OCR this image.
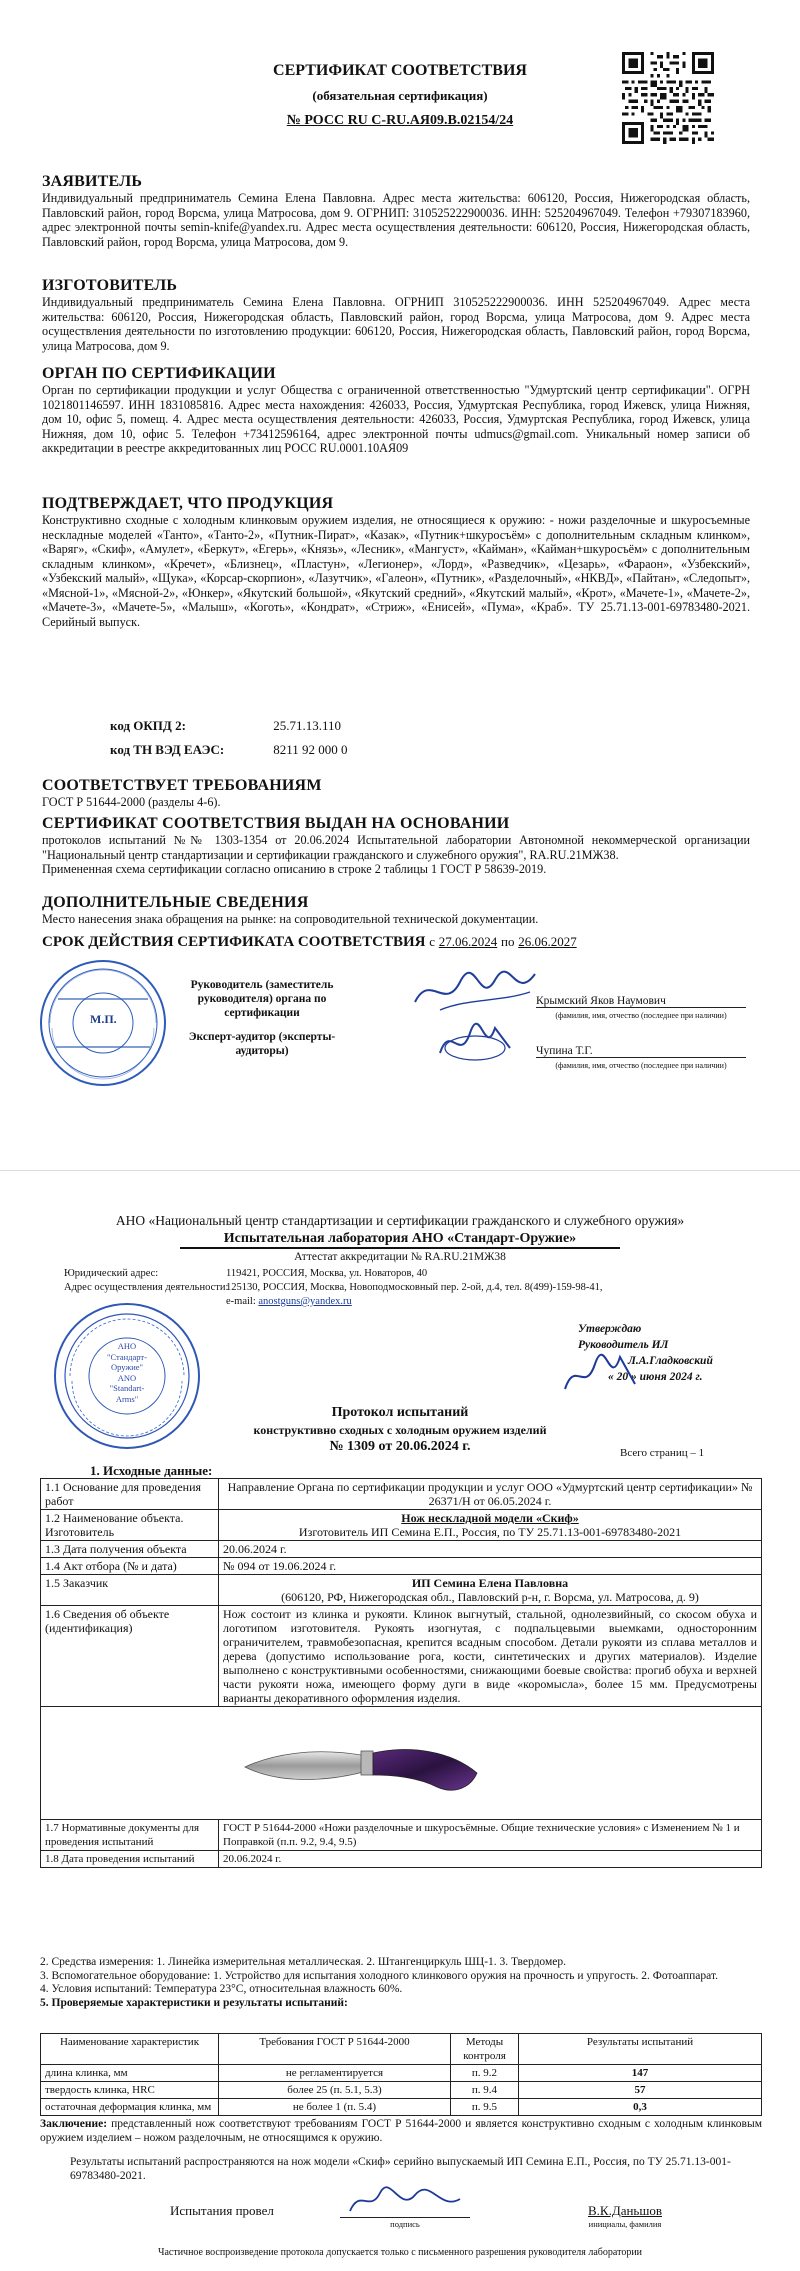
СЕРТИФИКАТ СООТВЕТСТВИЯ
(обязательная сертификация)
№ РОСС RU С-RU.АЯ09.В.02154/24

ЗАЯВИТЕЛЬ

Индивидуальный предприниматель Семина Елена Павловна. Адрес места жительства: 606120, Россия, Нижегородская область, Павловский район, город Ворсма, улица Матросова, дом 9. ОГРНИП: 310525222900036. ИНН: 525204967049. Телефон +79307183960, адрес электронной почты semin-knife@yandex.ru. Адрес места осуществления деятельности: 606120, Россия, Нижегородская область, Павловский район, город Ворсма, улица Матросова, дом 9.

ИЗГОТОВИТЕЛЬ

Индивидуальный предприниматель Семина Елена Павловна. ОГРНИП 310525222900036. ИНН 525204967049. Адрес места жительства: 606120, Россия, Нижегородская область, Павловский район, город Ворсма, улица Матросова, дом 9. Адрес места осуществления деятельности по изготовлению продукции: 606120, Россия, Нижегородская область, Павловский район, город Ворсма, улица Матросова, дом 9.

ОРГАН ПО СЕРТИФИКАЦИИ

Орган по сертификации продукции и услуг Общества с ограниченной ответственностью "Удмуртский центр сертификации". ОГРН 1021801146597. ИНН 1831085816. Адрес места нахождения: 426033, Россия, Удмуртская Республика, город Ижевск, улица Нижняя, дом 10, офис 5, помещ. 4. Адрес места осуществления деятельности: 426033, Россия, Удмуртская Республика, город Ижевск, улица Нижняя, дом 10, офис 5. Телефон +73412596164, адрес электронной почты udmucs@gmail.com. Уникальный номер записи об аккредитации в реестре аккредитованных лиц РОСС RU.0001.10АЯ09

ПОДТВЕРЖДАЕТ, ЧТО ПРОДУКЦИЯ

Конструктивно сходные с холодным клинковым оружием изделия, не относящиеся к оружию: - ножи разделочные и шкуросъемные нескладные моделей «Танто», «Танто-2», «Путник-Пират», «Казак», «Путник+шкуросъём» с дополнительным складным клинком», «Варяг», «Скиф», «Амулет», «Беркут», «Егерь», «Князь», «Лесник», «Мангуст», «Кайман», «Кайман+шкуросъём» с дополнительным складным клинком», «Кречет», «Близнец», «Пластун», «Легионер», «Лорд», «Разведчик», «Цезарь», «Фараон», «Узбекский», «Узбекский малый», «Щука», «Корсар-скорпион», «Лазутчик», «Галеон», «Путник», «Разделочный», «НКВД», «Пайтан», «Следопыт», «Мясной-1», «Мясной-2», «Юнкер», «Якутский большой», «Якутский средний», «Якутский малый», «Крот», «Мачете-1», «Мачете-2», «Мачете-3», «Мачете-5», «Малыш», «Коготь», «Кондрат», «Стриж», «Енисей», «Пума», «Краб». ТУ 25.71.13-001-69783480-2021. Серийный выпуск.

код ОКПД 2:	25.71.13.110
код ТН ВЭД ЕАЭС:	8211 92 000 0

СООТВЕТСТВУЕТ ТРЕБОВАНИЯМ

ГОСТ Р 51644-2000 (разделы 4-6).

СЕРТИФИКАТ СООТВЕТСТВИЯ ВЫДАН НА ОСНОВАНИИ

протоколов испытаний №№ 1303-1354 от 20.06.2024 Испытательной лаборатории Автономной некоммерческой организации "Национальный центр стандартизации и сертификации гражданского и служебного оружия", RA.RU.21МЖ38.

Примененная схема сертификации согласно описанию в строке 2 таблицы 1 ГОСТ Р 58639-2019.

ДОПОЛНИТЕЛЬНЫЕ СВЕДЕНИЯ

Место нанесения знака обращения на рынке: на сопроводительной технической документации.

СРОК ДЕЙСТВИЯ СЕРТИФИКАТА СООТВЕТСТВИЯ с 27.06.2024 по 26.06.2027
М.П.
Руководитель (заместитель руководителя) органа по сертификации
Эксперт-аудитор (эксперты-аудиторы)
Крымский Яков Наумович
(фамилия, имя, отчество (последнее при наличии)
Чупина Т.Г.
(фамилия, имя, отчество (последнее при наличии)
АНО «Национальный центр стандартизации и сертификации гражданского и служебного оружия»
Испытательная лаборатория АНО «Стандарт-Оружие»
Аттестат аккредитации № RA.RU.21МЖ38
Юридический адрес:	119421, РОССИЯ, Москва, ул. Новаторов, 40
Адрес осуществления деятельности:
125130, РОССИЯ, Москва, Новоподмосковный пер. 2-ой, д.4, тел. 8(499)-159-98-41,
e-mail: anostguns@yandex.ru
АНО
"Стандарт-
Оружие"
ANO
"Standart-
Arms"
Утверждаю
Руководитель ИЛ
Л.А.Гладковский
« 20 » июня 2024 г.
Протокол испытаний
конструктивно сходных с холодным оружием изделий
№ 1309 от 20.06.2024 г.	Всего страниц – 1
1. Исходные данные:
1.1 Основание для проведения работ	Направление Органа по сертификации продукции и услуг ООО «Удмуртский центр сертификации» № 26371/Н от 06.05.2024 г.
1.2 Наименование объекта. Изготовитель	Нож нескладной модели «Скиф»
Изготовитель ИП Семина Е.П., Россия, по ТУ 25.71.13-001-69783480-2021

1.3 Дата получения объекта	20.06.2024 г.
1.4 Акт отбора (№ и дата)	№ 094 от 19.06.2024 г.
1.5 Заказчик	ИП Семина Елена Павловна
(606120, РФ, Нижегородская обл., Павловский р-н, г. Ворсма, ул. Матросова, д. 9)

1.6 Сведения об объекте (идентификация)	Нож состоит из клинка и рукояти. Клинок выгнутый, стальной, однолезвийный, со скосом обуха и логотипом изготовителя. Рукоять изогнутая, с подпальцевыми выемками, односторонним ограничителем, травмобезопасная, крепится всадным способом. Детали рукояти из сплава металлов и дерева (допустимо использование рога, кости, синтетических и других материалов). Изделие выполнено с конструктивными особенностями, снижающими боевые свойства: прогиб обуха и верхней части рукояти ножа, имеющего форму дуги в виде «коромысла», более 15 мм. Предусмотрены варианты декоративного оформления изделия.

1.7 Нормативные документы для проведения испытаний	ГОСТ Р 51644-2000 «Ножи разделочные и шкуросъёмные. Общие технические условия» с Изменением № 1 и Поправкой (п.п. 9.2, 9.4, 9.5)
1.8 Дата проведения испытаний	20.06.2024 г.
2. Средства измерения: 1. Линейка измерительная металлическая. 2. Штангенциркуль ШЦ-1. 3. Твердомер.
3. Вспомогательное оборудование: 1. Устройство для испытания холодного клинкового оружия на прочность и упругость. 2. Фотоаппарат.
4. Условия испытаний: Температура 23°C, относительная влажность 60%.
5. Проверяемые характеристики и результаты испытаний:
Наименование характеристик	Требования ГОСТ Р 51644-2000	Методы контроля	Результаты испытаний
длина клинка, мм	не регламентируется	п. 9.2	147
твердость клинка, HRC	более 25 (п. 5.1, 5.3)	п. 9.4	57
остаточная деформация клинка, мм	не более 1 (п. 5.4)	п. 9.5	0,3
Заключение: представленный нож соответствуют требованиям ГОСТ Р 51644-2000 и является конструктивно сходным с холодным клинковым оружием изделием – ножом разделочным, не относящимся к оружию.
Результаты испытаний распространяются на нож модели «Скиф» серийно выпускаемый ИП Семина Е.П., Россия, по ТУ 25.71.13-001-69783480-2021.
Испытания провел
подпись
В.К.Даньшов
инициалы, фамилия
Частичное воспроизведение протокола допускается только с письменного разрешения руководителя лаборатории
